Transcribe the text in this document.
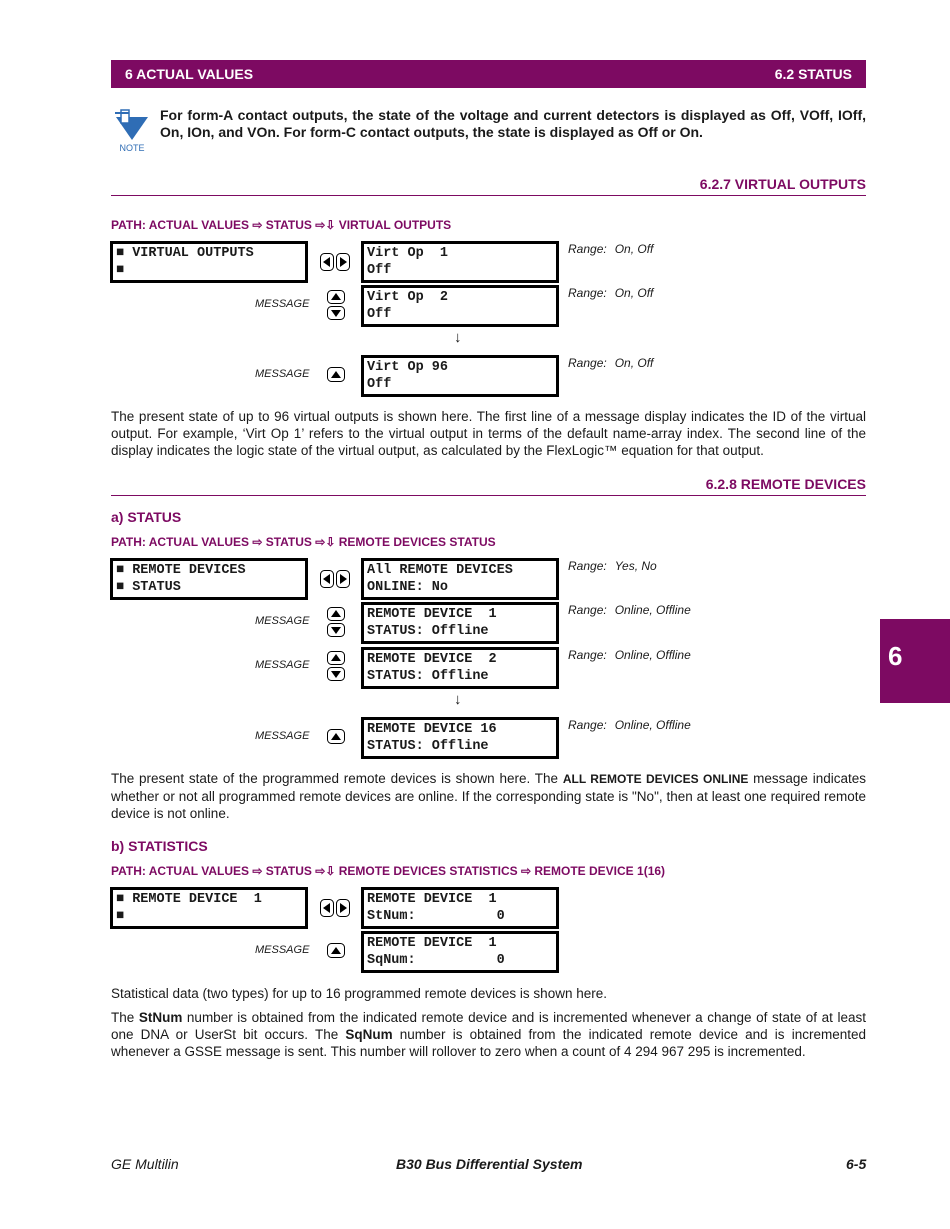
6 ACTUAL VALUES	6.2 STATUS
NOTE
For form-A contact outputs, the state of the voltage and current detectors is displayed as Off, VOff, IOff, On, IOn, and VOn. For form-C contact outputs, the state is displayed as Off or On.
6.2.7 VIRTUAL OUTPUTS
PATH: ACTUAL VALUES ⇨ STATUS ⇨⇩ VIRTUAL OUTPUTS
■ VIRTUAL OUTPUTS
■
Virt Op  1
Off
Range: On, Off
MESSAGE	Virt Op  2
Off
Range: On, Off
↓
MESSAGE	Virt Op 96
Off
Range: On, Off
The present state of up to 96 virtual outputs is shown here. The first line of a message display indicates the ID of the virtual output. For example, ‘Virt Op 1’ refers to the virtual output in terms of the default name-array index. The second line of the display indicates the logic state of the virtual output, as calculated by the FlexLogic™ equation for that output.
6.2.8 REMOTE DEVICES
a) STATUS
PATH: ACTUAL VALUES ⇨ STATUS ⇨⇩ REMOTE DEVICES STATUS
■ REMOTE DEVICES
■ STATUS
All REMOTE DEVICES
ONLINE: No
Range: Yes, No
MESSAGE	REMOTE DEVICE  1
STATUS: Offline
Range: Online, Offline
MESSAGE	REMOTE DEVICE  2
STATUS: Offline
Range: Online, Offline
↓
MESSAGE	REMOTE DEVICE 16
STATUS: Offline
Range: Online, Offline
The present state of the programmed remote devices is shown here. The ALL REMOTE DEVICES ONLINE message indicates whether or not all programmed remote devices are online. If the corresponding state is "No", then at least one required remote device is not online.
b) STATISTICS
PATH: ACTUAL VALUES ⇨ STATUS ⇨⇩ REMOTE DEVICES STATISTICS ⇨ REMOTE DEVICE 1(16)
■ REMOTE DEVICE  1
■
REMOTE DEVICE  1
StNum:          0
MESSAGE	REMOTE DEVICE  1
SqNum:          0
Statistical data (two types) for up to 16 programmed remote devices is shown here.
The StNum number is obtained from the indicated remote device and is incremented whenever a change of state of at least one DNA or UserSt bit occurs. The SqNum number is obtained from the indicated remote device and is incremented whenever a GSSE message is sent. This number will rollover to zero when a count of 4 294 967 295 is incremented.
6
GE Multilin	B30 Bus Differential System	6-5
